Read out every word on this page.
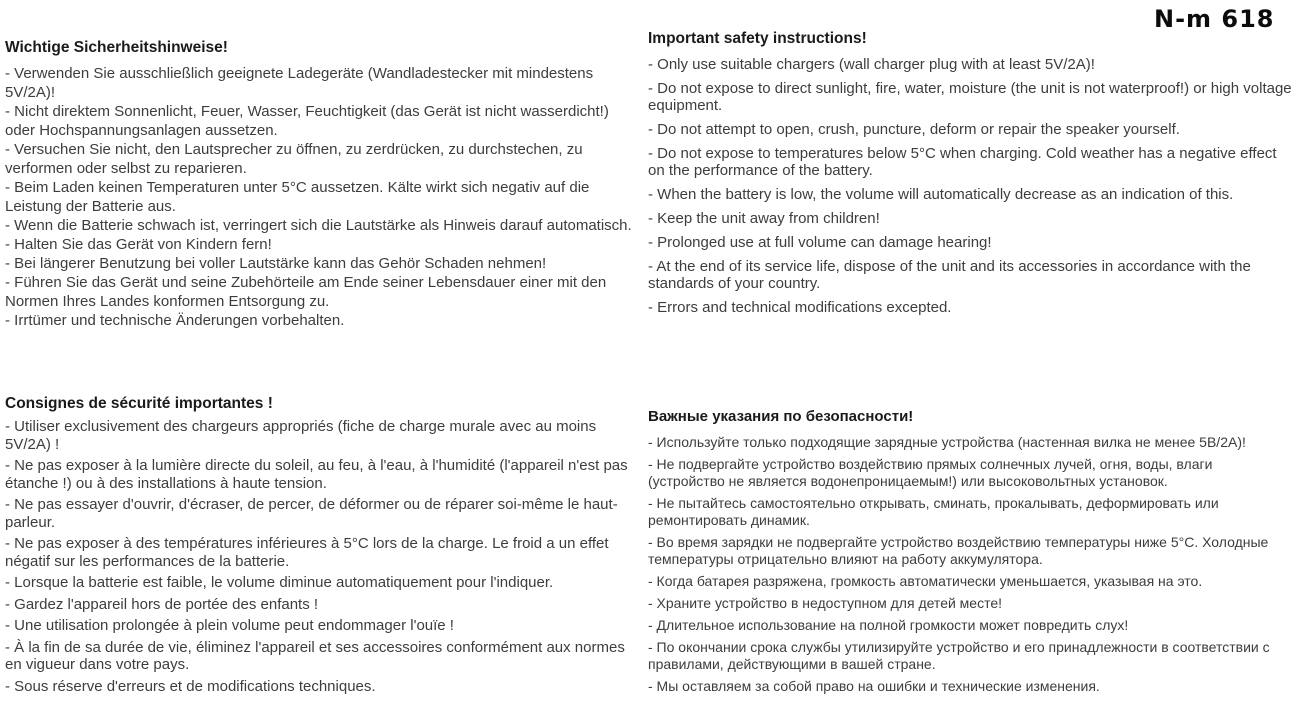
N-m 618
Wichtige Sicherheitshinweise!

- Verwenden Sie ausschließlich geeignete Ladegeräte (Wandladestecker mit mindestens 5V/2A)!

- Nicht direktem Sonnenlicht, Feuer, Wasser, Feuchtigkeit (das Gerät ist nicht wasserdicht!) oder Hochspannungsanlagen aussetzen.

- Versuchen Sie nicht, den Lautsprecher zu öffnen, zu zerdrücken, zu durchstechen, zu verformen oder selbst zu reparieren.

- Beim Laden keinen Temperaturen unter 5°C aussetzen. Kälte wirkt sich negativ auf die Leistung der Batterie aus.

- Wenn die Batterie schwach ist, verringert sich die Lautstärke als Hinweis darauf automatisch.

- Halten Sie das Gerät von Kindern fern!

- Bei längerer Benutzung bei voller Lautstärke kann das Gehör Schaden nehmen!

- Führen Sie das Gerät und seine Zubehörteile am Ende seiner Lebensdauer einer mit den Normen Ihres Landes konformen Entsorgung zu.

- Irrtümer und technische Änderungen vorbehalten.

Important safety instructions!

- Only use suitable chargers (wall charger plug with at least 5V/2A)!

- Do not expose to direct sunlight, fire, water, moisture (the unit is not waterproof!) or high voltage equipment.

- Do not attempt to open, crush, puncture, deform or repair the speaker yourself.

- Do not expose to temperatures below 5°C when charging. Cold weather has a negative effect on the performance of the battery.

- When the battery is low, the volume will automatically decrease as an indication of this.

- Keep the unit away from children!

- Prolonged use at full volume can damage hearing!

- At the end of its service life, dispose of the unit and its accessories in accordance with the standards of your country.

- Errors and technical modifications excepted.

Consignes de sécurité importantes !

- Utiliser exclusivement des chargeurs appropriés (fiche de charge murale avec au moins 5V/2A) !

- Ne pas exposer à la lumière directe du soleil, au feu, à l'eau, à l'humidité (l'appareil n'est pas étanche !) ou à des installations à haute tension.

- Ne pas essayer d'ouvrir, d'écraser, de percer, de déformer ou de réparer soi-même le haut-parleur.

- Ne pas exposer à des températures inférieures à 5°C lors de la charge. Le froid a un effet négatif sur les performances de la batterie.

- Lorsque la batterie est faible, le volume diminue automatiquement pour l'indiquer.

- Gardez l'appareil hors de portée des enfants !

- Une utilisation prolongée à plein volume peut endommager l'ouïe !

- À la fin de sa durée de vie, éliminez l'appareil et ses accessoires conformément aux normes en vigueur dans votre pays.

- Sous réserve d'erreurs et de modifications techniques.

Важные указания по безопасности!

- Используйте только подходящие зарядные устройства (настенная вилка не менее 5В/2А)!

- Не подвергайте устройство воздействию прямых солнечных лучей, огня, воды, влаги (устройство не является водонепроницаемым!) или высоковольтных установок.

- Не пытайтесь самостоятельно открывать, сминать, прокалывать, деформировать или ремонтировать динамик.

- Во время зарядки не подвергайте устройство воздействию температуры ниже 5°C. Холодные температуры отрицательно влияют на работу аккумулятора.

- Когда батарея разряжена, громкость автоматически уменьшается, указывая на это.

- Храните устройство в недоступном для детей месте!

- Длительное использование на полной громкости может повредить слух!

- По окончании срока службы утилизируйте устройство и его принадлежности в соответствии с правилами, действующими в вашей стране.

- Мы оставляем за собой право на ошибки и технические изменения.
